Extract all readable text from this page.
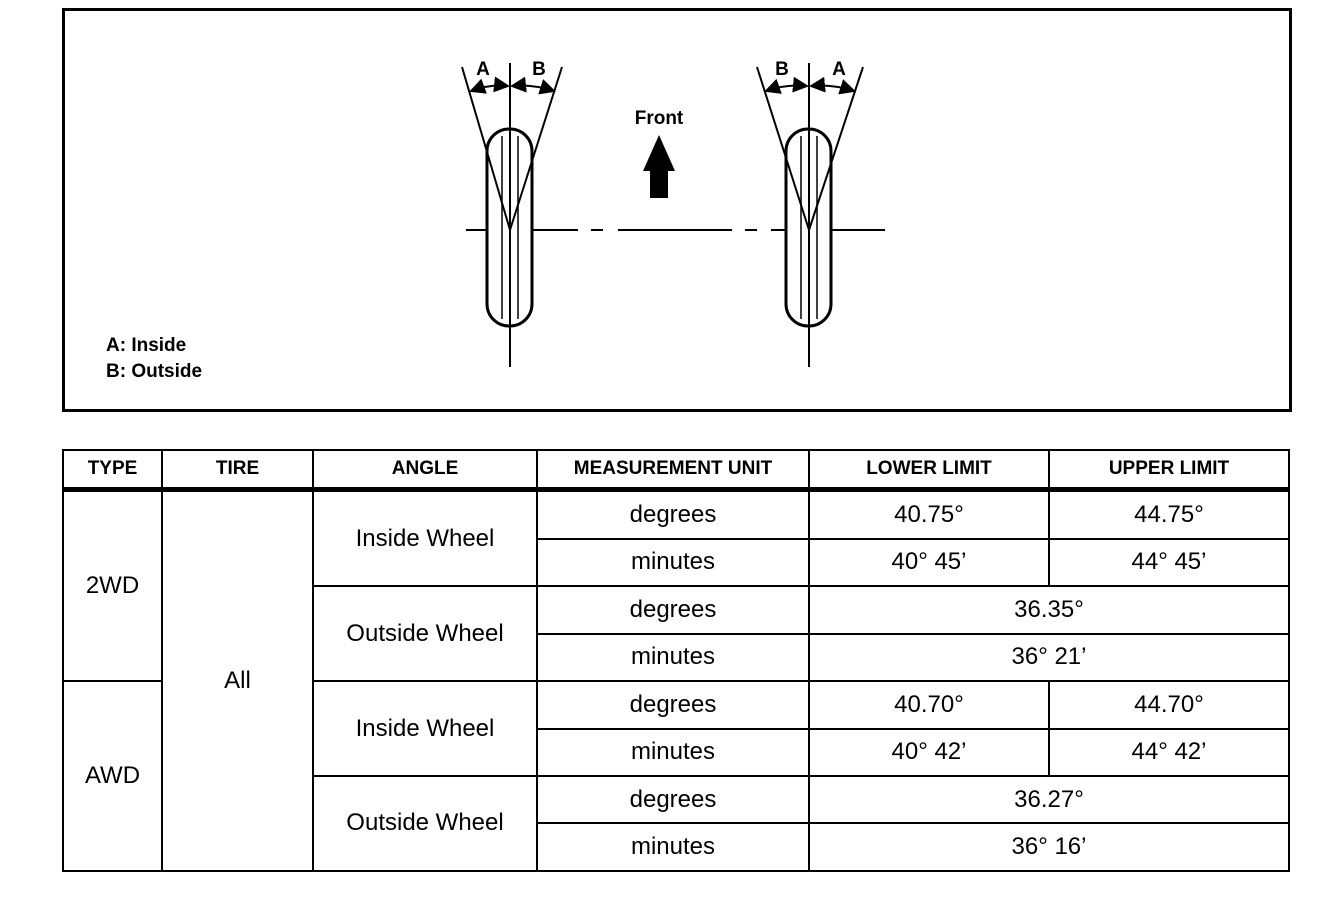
A B	B A
Front
A: Inside
B: Outside
TYPE	TIRE	ANGLE	MEASUREMENT UNIT	LOWER LIMIT	UPPER LIMIT
2WD	All	Inside Wheel	degrees	40.75°	44.75°
			minutes	40° 45’	44° 45’
		Outside Wheel	degrees	36.35°	
			minutes	36° 21’	
AWD		Inside Wheel	degrees	40.70°	44.70°
			minutes	40° 42’	44° 42’
		Outside Wheel	degrees	36.27°	
			minutes	36° 16’	
